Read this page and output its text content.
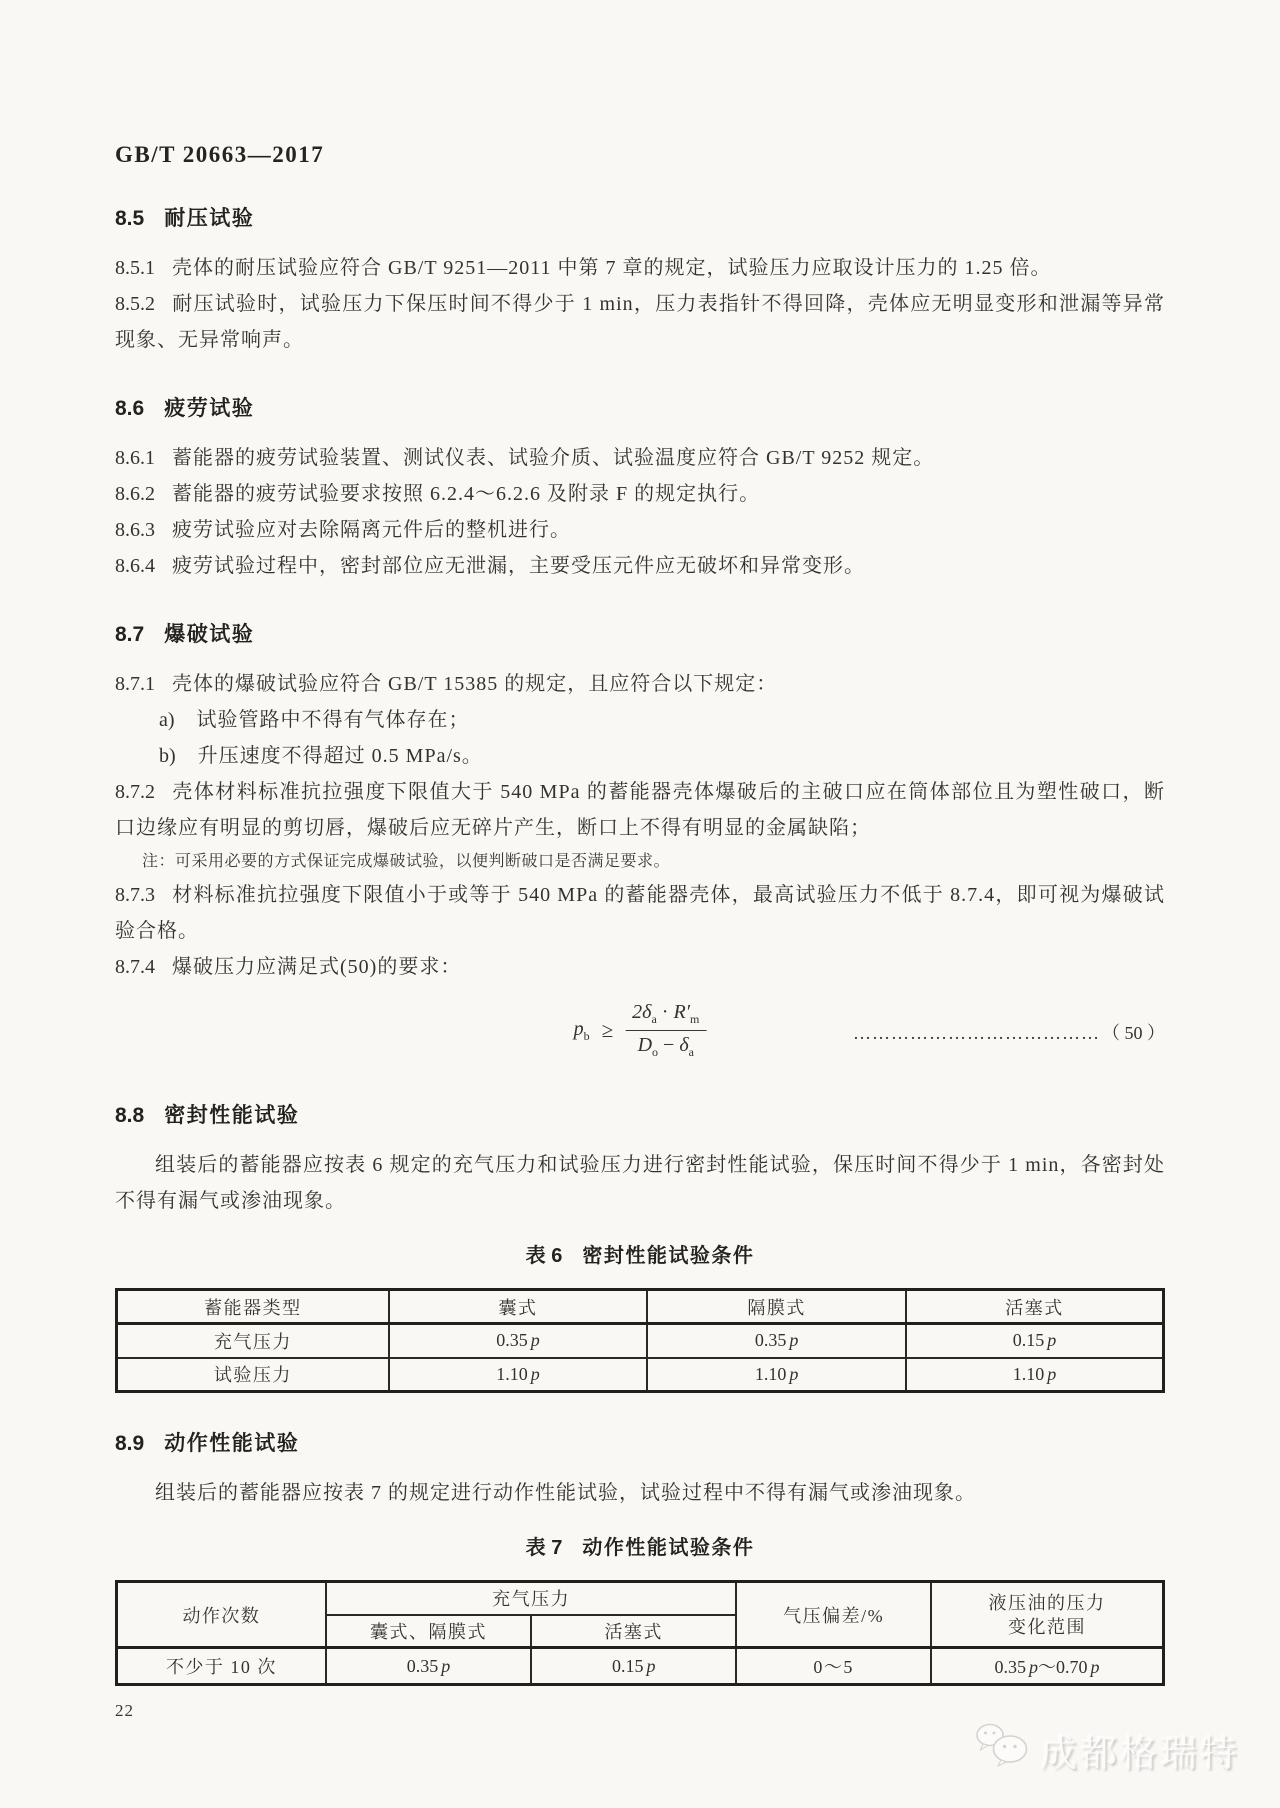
GB/T 20663—2017
8.5 耐压试验

8.5.1 壳体的耐压试验应符合 GB/T 9251—2011 中第 7 章的规定，试验压力应取设计压力的 1.25 倍。

8.5.2 耐压试验时，试验压力下保压时间不得少于 1 min，压力表指针不得回降，壳体应无明显变形和泄漏等异常现象、无异常响声。

8.6 疲劳试验

8.6.1 蓄能器的疲劳试验装置、测试仪表、试验介质、试验温度应符合 GB/T 9252 规定。

8.6.2 蓄能器的疲劳试验要求按照 6.2.4～6.2.6 及附录 F 的规定执行。

8.6.3 疲劳试验应对去除隔离元件后的整机进行。

8.6.4 疲劳试验过程中，密封部位应无泄漏，主要受压元件应无破坏和异常变形。

8.7 爆破试验

8.7.1 壳体的爆破试验应符合 GB/T 15385 的规定，且应符合以下规定：

a) 试验管路中不得有气体存在；

b) 升压速度不得超过 0.5 MPa/s。

8.7.2 壳体材料标准抗拉强度下限值大于 540 MPa 的蓄能器壳体爆破后的主破口应在筒体部位且为塑性破口，断口边缘应有明显的剪切唇，爆破后应无碎片产生，断口上不得有明显的金属缺陷；

注：可采用必要的方式保证完成爆破试验，以便判断破口是否满足要求。

8.7.3 材料标准抗拉强度下限值小于或等于 540 MPa 的蓄能器壳体，最高试验压力不低于 8.7.4，即可视为爆破试验合格。

8.7.4 爆破压力应满足式(50)的要求：

$p_b \ge \frac{2\delta_a \cdot R'_m}{D_o - \delta_a}$	………………………………… （ 50 ）
8.8 密封性能试验

组装后的蓄能器应按表 6 规定的充气压力和试验压力进行密封性能试验，保压时间不得少于 1 min，各密封处不得有漏气或渗油现象。

表 6 密封性能试验条件
蓄能器类型	囊式	隔膜式	活塞式
充气压力	0.35 p	0.35 p	0.15 p
试验压力	1.10 p	1.10 p	1.10 p
8.9 动作性能试验

组装后的蓄能器应按表 7 的规定进行动作性能试验，试验过程中不得有漏气或渗油现象。

表 7 动作性能试验条件
动作次数	充气压力		气压偏差/%	液压油的压力
变化范围

	囊式、隔膜式	活塞式		
不少于 10 次	0.35 p	0.15 p	0～5	0.35 p～0.70 p
22
成都格瑞特
